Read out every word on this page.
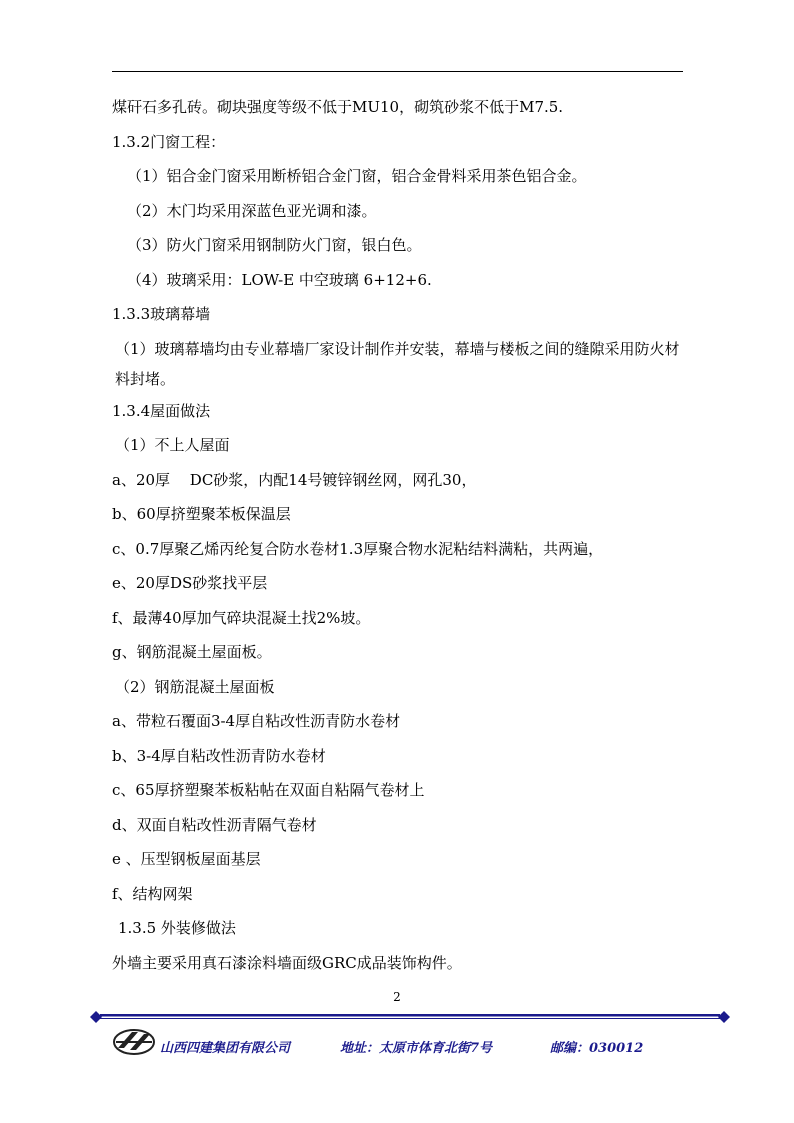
煤矸石多孔砖。砌块强度等级不低于MU10，砌筑砂浆不低于M7.5.
1.3.2门窗工程：
（1）铝合金门窗采用断桥铝合金门窗，铝合金骨料采用茶色铝合金。
（2）木门均采用深蓝色亚光调和漆。
（3）防火门窗采用钢制防火门窗，银白色。
（4）玻璃采用：LOW-E 中空玻璃 6+12+6.
1.3.3玻璃幕墙
（1）玻璃幕墙均由专业幕墙厂家设计制作并安装，幕墙与楼板之间的缝隙采用防火材料封堵。
1.3.4屋面做法
（1）不上人屋面
a、20厚　 DC砂浆，内配14号镀锌钢丝网，网孔30，
b、60厚挤塑聚苯板保温层
c、0.7厚聚乙烯丙纶复合防水卷材1.3厚聚合物水泥粘结料满粘，共两遍，
e、20厚DS砂浆找平层
f、最薄40厚加气碎块混凝土找2%坡。
g、钢筋混凝土屋面板。
（2）钢筋混凝土屋面板
a、带粒石覆面3-4厚自粘改性沥青防水卷材
b、3-4厚自粘改性沥青防水卷材
c、65厚挤塑聚苯板粘帖在双面自粘隔气卷材上
d、双面自粘改性沥青隔气卷材
e 、压型钢板屋面基层
f、结构网架
1.3.5 外装修做法
外墙主要采用真石漆涂料墙面级GRC成品装饰构件。
2
山西四建集团有限公司	地址：太原市体育北街7号	邮编：030012
